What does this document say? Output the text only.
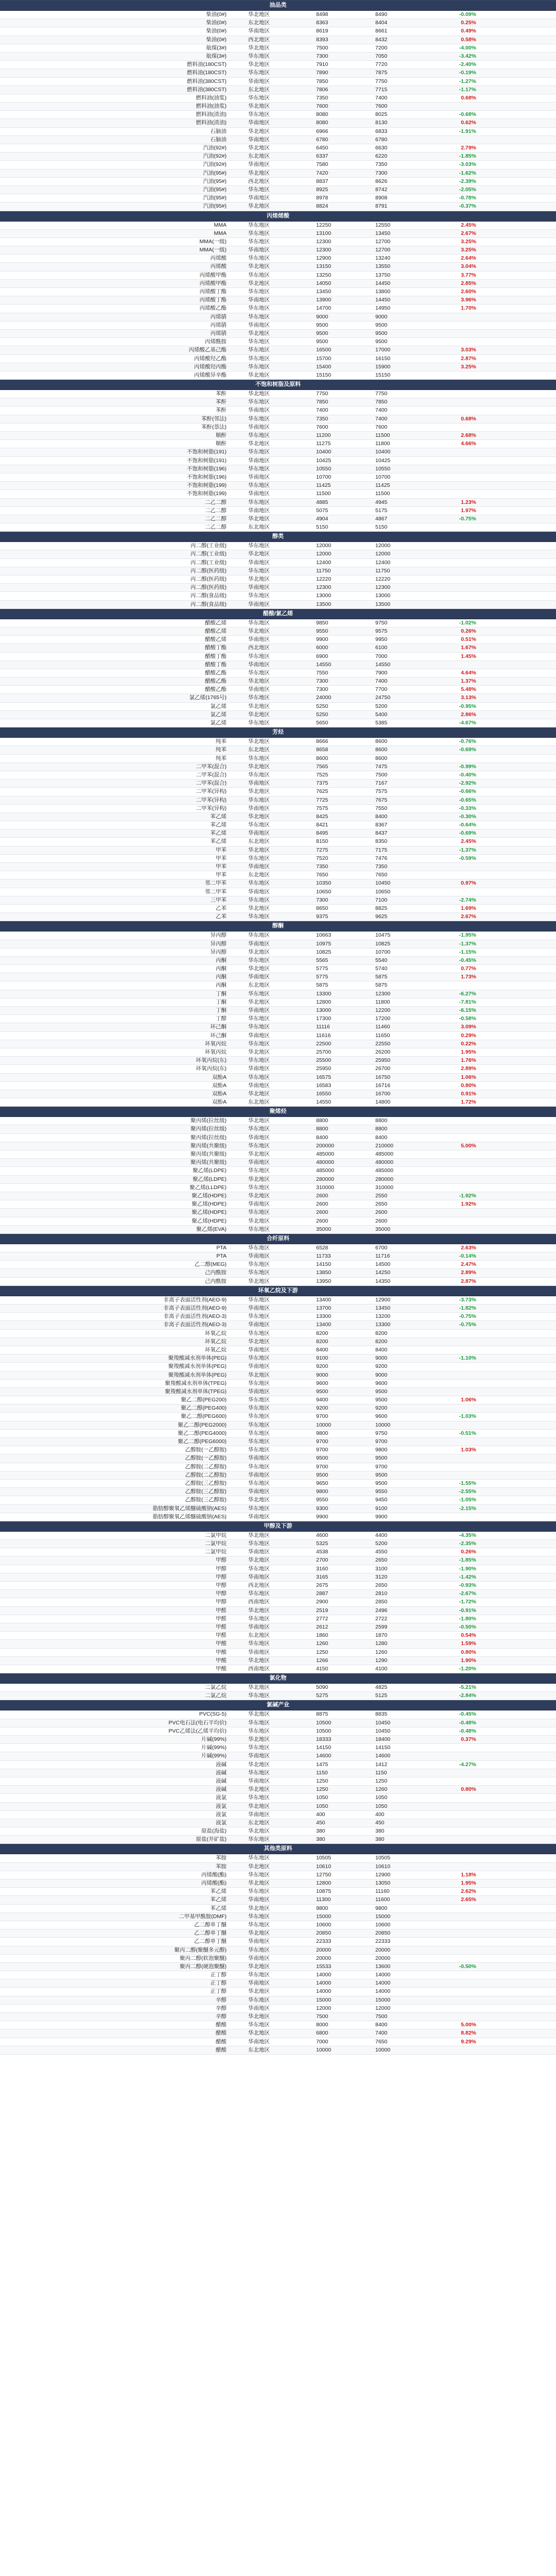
油品类
柴油(0#)	华北地区	8498	8490	-0.09%
柴油(0#)	东北地区	8363	8404	0.25%
柴油(0#)	华南地区	8619	8661	0.49%
柴油(0#)	西北地区	8393	8432	0.58%
航煤(3#)	华北地区	7500	7200	-4.00%
航煤(3#)	华东地区	7300	7050	-3.42%
燃料油(180CST)	华北地区	7910	7720	-2.40%
燃料油(180CST)	华东地区	7890	7875	-0.19%
燃料油(380CST)	华南地区	7850	7750	-1.27%
燃料油(380CST)	东北地区	7806	7715	-1.17%
燃料油(油浆)	华东地区	7350	7400	0.68%
燃料油(油浆)	华北地区	7600	7600
燃料油(渣油)	华东地区	8080	8025	-0.68%
燃料油(渣油)	华南地区	8080	8130	0.62%
石脑油	华北地区	6966	6833	-1.91%
石脑油	华南地区	6780	6780
汽油(92#)	华北地区	6450	6630	2.79%
汽油(92#)	东北地区	6337	6220	-1.85%
汽油(92#)	华南地区	7580	7350	-3.03%
汽油(95#)	华北地区	7420	7300	-1.62%
汽油(95#)	西北地区	8837	8626	-2.39%
汽油(95#)	华东地区	8925	8742	-2.05%
汽油(95#)	华南地区	8978	8908	-0.78%
汽油(95#)	华北地区	8824	8791	-0.37%
丙烯烯酸
MMA	华东地区	12250	12550	2.45%
MMA	华东地区	13100	13450	2.67%
MMA(一级)	华东地区	12300	12700	3.25%
MMA(一级)	华南地区	12300	12700	3.25%
丙烯酸	华东地区	12900	13240	2.64%
丙烯酸	华北地区	13150	13550	3.04%
丙烯酸甲酯	华东地区	13250	13750	3.77%
丙烯酸甲酯	华北地区	14050	14450	2.85%
丙烯酸丁酯	华东地区	13450	13800	2.60%
丙烯酸丁酯	华南地区	13900	14450	3.96%
丙烯酸乙酯	华东地区	14700	14950	1.70%
丙烯腈	华东地区	9000	9000
丙烯腈	华南地区	9500	9500
丙烯腈	华北地区	9500	9500
丙烯酰胺	华东地区	9500	9500
丙烯酸乙基己酯	华东地区	16500	17000	3.03%
丙烯酸羟乙酯	华东地区	15700	16150	2.87%
丙烯酸羟丙酯	华东地区	15400	15900	3.25%
丙烯酸异辛酯	华北地区	15150	15150
不饱和树脂及原料
苯酐	华北地区	7750	7750
苯酐	华东地区	7850	7850
苯酐	华南地区	7400	7400
苯酐(邻法)	华东地区	7350	7400	0.68%
苯酐(萘法)	华南地区	7600	7600
顺酐	华东地区	11200	11500	2.68%
顺酐	华北地区	11275	11800	4.66%
不饱和树脂(191)	华东地区	10400	10400
不饱和树脂(191)	华南地区	10425	10425
不饱和树脂(196)	华东地区	10550	10550
不饱和树脂(196)	华南地区	10700	10700
不饱和树脂(199)	华东地区	11425	11425
不饱和树脂(199)	华南地区	11500	11500
二乙二醇	华东地区	4885	4945	1.23%
二乙二醇	华南地区	5075	5175	1.97%
二乙二醇	华北地区	4904	4867	-0.75%
二乙二醇	东北地区	5150	5150
醇类
丙二醇(工业级)	华东地区	12000	12000
丙二醇(工业级)	华北地区	12000	12000
丙二醇(工业级)	华南地区	12400	12400
丙二醇(医药级)	华东地区	11750	11750
丙二醇(医药级)	华北地区	12220	12220
丙二醇(医药级)	华南地区	12300	12300
丙二醇(食品级)	华东地区	13000	13000
丙二醇(食品级)	华南地区	13500	13500
醋酸/氯乙烯
醋酸乙烯	华东地区	9850	9750	-1.02%
醋酸乙烯	华北地区	9550	9575	0.26%
醋酸乙烯	华南地区	9900	9950	0.51%
醋酸丁酯	西北地区	6000	6100	1.67%
醋酸丁酯	华东地区	6900	7000	1.45%
醋酸丁酯	华南地区	14550	14550
醋酸乙酯	华东地区	7550	7900	4.64%
醋酸乙酯	华北地区	7300	7400	1.37%
醋酸乙酯	华南地区	7300	7700	5.48%
氯乙烯(1765号)	华东地区	24000	24750	3.13%
氯乙烯	华北地区	5250	5200	-0.95%
氯乙烯	华北地区	5250	5400	2.86%
氯乙烯	华东地区	5650	5385	-4.67%
芳烃
纯苯	华北地区	8666	8600	-0.76%
纯苯	东北地区	8658	8600	-0.69%
纯苯	华东地区	8600	8600
二甲苯(混合)	华北地区	7565	7475	-0.99%
二甲苯(混合)	华东地区	7525	7500	-0.40%
二甲苯(混合)	华南地区	7375	7167	-2.92%
二甲苯(异构)	华北地区	7625	7575	-0.66%
二甲苯(异构)	华东地区	7725	7675	-0.65%
二甲苯(异构)	华南地区	7575	7550	-0.33%
苯乙烯	华北地区	8425	8400	-0.30%
苯乙烯	华东地区	8421	8367	-0.64%
苯乙烯	华南地区	8495	8437	-0.69%
苯乙烯	东北地区	8150	8350	2.45%
甲苯	华北地区	7275	7175	-1.37%
甲苯	华东地区	7520	7476	-0.59%
甲苯	华南地区	7350	7350
甲苯	东北地区	7650	7650
邻二甲苯	华东地区	10350	10450	0.97%
邻二甲苯	华南地区	10650	10650
三甲苯	华东地区	7300	7100	-2.74%
乙苯	华北地区	8650	8825	1.69%
乙苯	华东地区	9375	9625	2.67%
醇酮
异丙醇	华东地区	10663	10475	-1.95%
异丙醇	华南地区	10975	10825	-1.37%
异丙醇	华北地区	10825	10700	-1.15%
丙酮	华东地区	5565	5540	-0.45%
丙酮	华北地区	5775	5740	0.77%
丙酮	华南地区	5775	5875	1.73%
丙酮	东北地区	5875	5875
丁酮	华东地区	13300	12300	-6.27%
丁酮	华北地区	12800	11800	-7.81%
丁酮	华南地区	13000	12200	-6.15%
丁醇	华东地区	17300	17200	-0.58%
环己酮	华东地区	11116	11460	3.09%
环己酮	华南地区	11616	11650	0.29%
环氧丙烷	华东地区	22500	22550	0.22%
环氧丙烷	华北地区	25700	26200	1.95%
环氧丙烷(东)	华东地区	25500	25950	1.76%
环氧丙烷(东)	华南地区	25950	26700	2.89%
双酚A	华东地区	16575	16750	1.06%
双酚A	华南地区	16583	16716	0.80%
双酚A	华北地区	16550	16700	0.91%
双酚A	东北地区	14550	14800	1.72%
聚烯烃
聚丙烯(拉丝级)	华北地区	8800	8800
聚丙烯(拉丝级)	华东地区	8800	8800
聚丙烯(拉丝级)	华南地区	8400	8400
聚丙烯(共聚级)	华东地区	200000	210000	5.00%
聚丙烯(共聚级)	华北地区	485000	485000
聚丙烯(共聚级)	华南地区	480000	480000
聚乙烯(LDPE)	华东地区	485000	485000
聚乙烯(LDPE)	华北地区	280000	280000
聚乙烯(LLDPE)	华东地区	310000	310000
聚乙烯(HDPE)	华北地区	2600	2550	-1.92%
聚乙烯(HDPE)	华南地区	2600	2650	1.92%
聚乙烯(HDPE)	华东地区	2600	2600
聚乙烯(HDPE)	华北地区	2600	2600
聚乙烯(EVA)	华东地区	35000	35000
合纤原料
PTA	华东地区	6528	6700	2.63%
PTA	华南地区	11733	11716	-0.14%
乙二醇(MEG)	华东地区	14150	14500	2.47%
己内酰胺	华东地区	13850	14250	2.89%
己内酰胺	华北地区	13950	14350	2.87%
环氧乙烷及下游
非离子表面活性剂(AEO-9)	华东地区	13400	12900	-3.73%
非离子表面活性剂(AEO-9)	华南地区	13700	13450	-1.82%
非离子表面活性剂(AEO-3)	华东地区	13300	13200	-0.75%
非离子表面活性剂(AEO-3)	华南地区	13400	13300	-0.75%
环氧乙烷	华东地区	8200	8200
环氧乙烷	华北地区	8200	8200
环氧乙烷	华南地区	8400	8400
聚羧酸减水剂单体(PEG)	华东地区	9100	9000	-1.10%
聚羧酸减水剂单体(PEG)	华南地区	9200	9200
聚羧酸减水剂单体(PEG)	华北地区	9000	9000
聚羧酸减水剂单体(TPEG)	华东地区	9600	9600
聚羧酸减水剂单体(TPEG)	华南地区	9500	9500
聚乙二醇(PEG200)	华东地区	9400	9500	1.06%
聚乙二醇(PEG400)	华东地区	9200	9200
聚乙二醇(PEG600)	华东地区	9700	9600	-1.03%
聚乙二醇(PEG2000)	华东地区	10000	10000
聚乙二醇(PEG4000)	华东地区	9800	9750	-0.51%
聚乙二醇(PEG6000)	华东地区	9700	9700
乙醇胺(一乙醇胺)	华东地区	9700	9800	1.03%
乙醇胺(一乙醇胺)	华南地区	9500	9500
乙醇胺(二乙醇胺)	华东地区	9700	9700
乙醇胺(二乙醇胺)	华南地区	9500	9500
乙醇胺(三乙醇胺)	华东地区	9650	9500	-1.55%
乙醇胺(三乙醇胺)	华南地区	9800	9550	-2.55%
乙醇胺(三乙醇胺)	华北地区	9550	9450	-1.05%
脂肪醇聚氧乙烯醚硫酸钠(AES)	华东地区	9300	9100	-2.15%
脂肪醇聚氧乙烯醚硫酸钠(AES)	华南地区	9900	9900
甲醇及下游
二氯甲烷	华北地区	4600	4400	-4.35%
二氯甲烷	华东地区	5325	5200	-2.35%
二氯甲烷	华南地区	4538	4550	0.26%
甲醇	华北地区	2700	2650	-1.85%
甲醇	华东地区	3160	3100	-1.90%
甲醇	华南地区	3165	3120	-1.42%
甲醇	西北地区	2675	2650	-0.93%
甲醇	华东地区	2887	2810	-2.67%
甲醇	西南地区	2900	2850	-1.72%
甲醛	华北地区	2519	2496	-0.91%
甲醛	华东地区	2772	2722	-1.80%
甲醛	华南地区	2612	2599	-0.50%
甲醛	东北地区	1860	1870	0.54%
甲酸	华东地区	1260	1280	1.59%
甲酸	华南地区	1250	1260	0.80%
甲酸	华北地区	1266	1290	1.90%
甲酸	西南地区	4150	4100	-1.20%
氯化物
二氯乙烷	华北地区	5090	4825	-5.21%
二氯乙烷	华东地区	5275	5125	-2.84%
氯碱产业
PVC(SG-5)	华北地区	8875	8835	-0.45%
PVC电石法(电石平均价)	华东地区	10500	10450	-0.48%
PVC乙烯法(乙烯平均价)	华东地区	10500	10450	-0.48%
片碱(99%)	华北地区	18333	18400	0.37%
片碱(99%)	华东地区	14150	14150
片碱(99%)	华南地区	14600	14600
液碱	华北地区	1475	1412	-4.27%
液碱	华东地区	1150	1150
液碱	华南地区	1250	1250
液碱	华北地区	1250	1260	0.80%
液氯	华东地区	1050	1050
液氯	华北地区	1050	1050
液氯	华南地区	400	400
液氯	东北地区	450	450
原盐(海盐)	华北地区	380	380
原盐(井矿盐)	华东地区	380	380
其他类原料
苯胺	华东地区	10505	10505
苯胺	华北地区	10610	10610
丙烯酸(酯)	华东地区	12750	12900	1.18%
丙烯酸(酯)	华北地区	12800	13050	1.95%
苯乙烯	华东地区	10875	11160	2.62%
苯乙烯	华南地区	11300	11600	2.65%
苯乙烯	华北地区	9800	9800
二甲基甲酰胺(DMF)	华东地区	15000	15000
乙二醇单丁醚	华东地区	10600	10600
乙二醇单丁醚	华北地区	20850	20850
乙二醇单丁醚	华南地区	22333	22333
聚丙二醇(聚醚多元醇)	华东地区	20000	20000
聚丙二醇(软泡聚醚)	华南地区	20000	20000
聚丙二醇(硬泡聚醚)	华北地区	15533	13600	-0.50%
正丁醇	华东地区	14000	14000
正丁醇	华南地区	14000	14000
正丁醇	华北地区	14000	14000
辛醇	华东地区	15000	15000
辛醇	华南地区	12000	12000
辛醇	华北地区	7500	7500
醋酸	华东地区	8000	8400	5.00%
醋酸	华北地区	6800	7400	8.82%
醋酸	华南地区	7000	7650	9.29%
醋酸	东北地区	10000	10000
